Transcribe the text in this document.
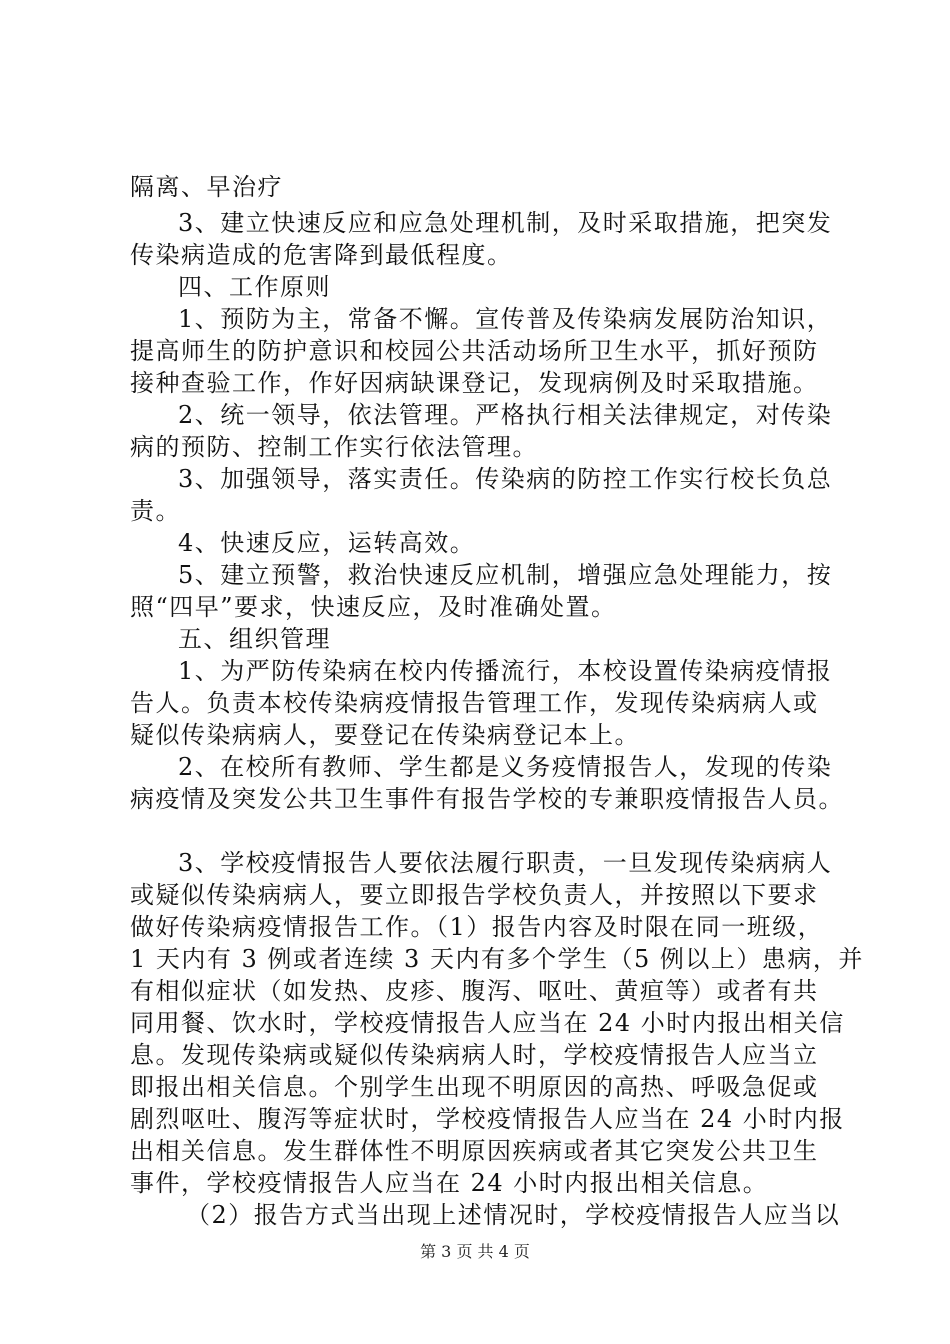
隔离、早治疗
3、建立快速反应和应急处理机制，及时采取措施，把突发
传染病造成的危害降到最低程度。
四、工作原则
1、预防为主，常备不懈。宣传普及传染病发展防治知识，
提高师生的防护意识和校园公共活动场所卫生水平，抓好预防
接种查验工作，作好因病缺课登记，发现病例及时采取措施。
2、统一领导，依法管理。严格执行相关法律规定，对传染
病的预防、控制工作实行依法管理。
3、加强领导，落实责任。传染病的防控工作实行校长负总
责。
4、快速反应，运转高效。
5、建立预警，救治快速反应机制，增强应急处理能力，按
照“四早”要求，快速反应，及时准确处置。
五、组织管理
1、为严防传染病在校内传播流行，本校设置传染病疫情报
告人。负责本校传染病疫情报告管理工作，发现传染病病人或
疑似传染病病人，要登记在传染病登记本上。
2、在校所有教师、学生都是义务疫情报告人，发现的传染
病疫情及突发公共卫生事件有报告学校的专兼职疫情报告人员。
3、学校疫情报告人要依法履行职责，一旦发现传染病病人
或疑似传染病病人，要立即报告学校负责人，并按照以下要求
做好传染病疫情报告工作。（1）报告内容及时限在同一班级，
1 天内有 3 例或者连续 3 天内有多个学生（5 例以上）患病，并
有相似症状（如发热、皮疹、腹泻、呕吐、黄疸等）或者有共
同用餐、饮水时，学校疫情报告人应当在 24 小时内报出相关信
息。发现传染病或疑似传染病病人时，学校疫情报告人应当立
即报出相关信息。个别学生出现不明原因的高热、呼吸急促或
剧烈呕吐、腹泻等症状时，学校疫情报告人应当在 24 小时内报
出相关信息。发生群体性不明原因疾病或者其它突发公共卫生
事件，学校疫情报告人应当在 24 小时内报出相关信息。
（2）报告方式当出现上述情况时，学校疫情报告人应当以
第 3 页 共 4 页
